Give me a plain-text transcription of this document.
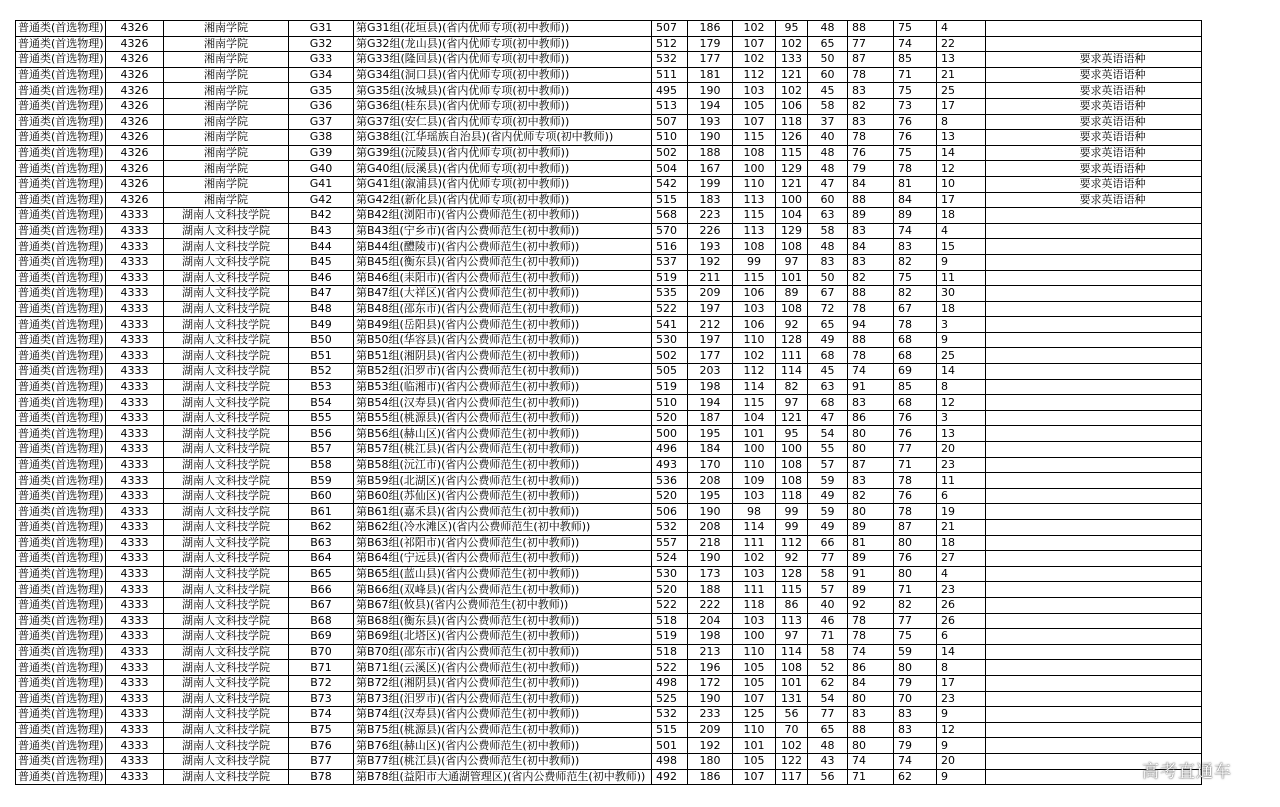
普通类(首选物理)	4326	湘南学院	G31	第G31组(花垣县)(省内优师专项(初中教师))	507	186	102	95	48	88	75	4	
普通类(首选物理)	4326	湘南学院	G32	第G32组(龙山县)(省内优师专项(初中教师))	512	179	107	102	65	77	74	22	
普通类(首选物理)	4326	湘南学院	G33	第G33组(隆回县)(省内优师专项(初中教师))	532	177	102	133	50	87	85	13	要求英语语种
普通类(首选物理)	4326	湘南学院	G34	第G34组(洞口县)(省内优师专项(初中教师))	511	181	112	121	60	78	71	21	要求英语语种
普通类(首选物理)	4326	湘南学院	G35	第G35组(汝城县)(省内优师专项(初中教师))	495	190	103	102	45	83	75	25	要求英语语种
普通类(首选物理)	4326	湘南学院	G36	第G36组(桂东县)(省内优师专项(初中教师))	513	194	105	106	58	82	73	17	要求英语语种
普通类(首选物理)	4326	湘南学院	G37	第G37组(安仁县)(省内优师专项(初中教师))	507	193	107	118	37	83	76	8	要求英语语种
普通类(首选物理)	4326	湘南学院	G38	第G38组(江华瑶族自治县)(省内优师专项(初中教师))	510	190	115	126	40	78	76	13	要求英语语种
普通类(首选物理)	4326	湘南学院	G39	第G39组(沅陵县)(省内优师专项(初中教师))	502	188	108	115	48	76	75	14	要求英语语种
普通类(首选物理)	4326	湘南学院	G40	第G40组(辰溪县)(省内优师专项(初中教师))	504	167	100	129	48	79	78	12	要求英语语种
普通类(首选物理)	4326	湘南学院	G41	第G41组(溆浦县)(省内优师专项(初中教师))	542	199	110	121	47	84	81	10	要求英语语种
普通类(首选物理)	4326	湘南学院	G42	第G42组(新化县)(省内优师专项(初中教师))	515	183	113	100	60	88	84	17	要求英语语种
普通类(首选物理)	4333	湖南人文科技学院	B42	第B42组(浏阳市)(省内公费师范生(初中教师))	568	223	115	104	63	89	89	18	
普通类(首选物理)	4333	湖南人文科技学院	B43	第B43组(宁乡市)(省内公费师范生(初中教师))	570	226	113	129	58	83	74	4	
普通类(首选物理)	4333	湖南人文科技学院	B44	第B44组(醴陵市)(省内公费师范生(初中教师))	516	193	108	108	48	84	83	15	
普通类(首选物理)	4333	湖南人文科技学院	B45	第B45组(衡东县)(省内公费师范生(初中教师))	537	192	99	97	83	83	82	9	
普通类(首选物理)	4333	湖南人文科技学院	B46	第B46组(耒阳市)(省内公费师范生(初中教师))	519	211	115	101	50	82	75	11	
普通类(首选物理)	4333	湖南人文科技学院	B47	第B47组(大祥区)(省内公费师范生(初中教师))	535	209	106	89	67	88	82	30	
普通类(首选物理)	4333	湖南人文科技学院	B48	第B48组(邵东市)(省内公费师范生(初中教师))	522	197	103	108	72	78	67	18	
普通类(首选物理)	4333	湖南人文科技学院	B49	第B49组(岳阳县)(省内公费师范生(初中教师))	541	212	106	92	65	94	78	3	
普通类(首选物理)	4333	湖南人文科技学院	B50	第B50组(华容县)(省内公费师范生(初中教师))	530	197	110	128	49	88	68	9	
普通类(首选物理)	4333	湖南人文科技学院	B51	第B51组(湘阴县)(省内公费师范生(初中教师))	502	177	102	111	68	78	68	25	
普通类(首选物理)	4333	湖南人文科技学院	B52	第B52组(汨罗市)(省内公费师范生(初中教师))	505	203	112	114	45	74	69	14	
普通类(首选物理)	4333	湖南人文科技学院	B53	第B53组(临湘市)(省内公费师范生(初中教师))	519	198	114	82	63	91	85	8	
普通类(首选物理)	4333	湖南人文科技学院	B54	第B54组(汉寿县)(省内公费师范生(初中教师))	510	194	115	97	68	83	68	12	
普通类(首选物理)	4333	湖南人文科技学院	B55	第B55组(桃源县)(省内公费师范生(初中教师))	520	187	104	121	47	86	76	3	
普通类(首选物理)	4333	湖南人文科技学院	B56	第B56组(赫山区)(省内公费师范生(初中教师))	500	195	101	95	54	80	76	13	
普通类(首选物理)	4333	湖南人文科技学院	B57	第B57组(桃江县)(省内公费师范生(初中教师))	496	184	100	100	55	80	77	20	
普通类(首选物理)	4333	湖南人文科技学院	B58	第B58组(沅江市)(省内公费师范生(初中教师))	493	170	110	108	57	87	71	23	
普通类(首选物理)	4333	湖南人文科技学院	B59	第B59组(北湖区)(省内公费师范生(初中教师))	536	208	109	108	59	83	78	11	
普通类(首选物理)	4333	湖南人文科技学院	B60	第B60组(苏仙区)(省内公费师范生(初中教师))	520	195	103	118	49	82	76	6	
普通类(首选物理)	4333	湖南人文科技学院	B61	第B61组(嘉禾县)(省内公费师范生(初中教师))	506	190	98	99	59	80	78	19	
普通类(首选物理)	4333	湖南人文科技学院	B62	第B62组(冷水滩区)(省内公费师范生(初中教师))	532	208	114	99	49	89	87	21	
普通类(首选物理)	4333	湖南人文科技学院	B63	第B63组(祁阳市)(省内公费师范生(初中教师))	557	218	111	112	66	81	80	18	
普通类(首选物理)	4333	湖南人文科技学院	B64	第B64组(宁远县)(省内公费师范生(初中教师))	524	190	102	92	77	89	76	27	
普通类(首选物理)	4333	湖南人文科技学院	B65	第B65组(蓝山县)(省内公费师范生(初中教师))	530	173	103	128	58	91	80	4	
普通类(首选物理)	4333	湖南人文科技学院	B66	第B66组(双峰县)(省内公费师范生(初中教师))	520	188	111	115	57	89	71	23	
普通类(首选物理)	4333	湖南人文科技学院	B67	第B67组(攸县)(省内公费师范生(初中教师))	522	222	118	86	40	92	82	26	
普通类(首选物理)	4333	湖南人文科技学院	B68	第B68组(衡东县)(省内公费师范生(初中教师))	518	204	103	113	46	78	77	26	
普通类(首选物理)	4333	湖南人文科技学院	B69	第B69组(北塔区)(省内公费师范生(初中教师))	519	198	100	97	71	78	75	6	
普通类(首选物理)	4333	湖南人文科技学院	B70	第B70组(邵东市)(省内公费师范生(初中教师))	518	213	110	114	58	74	59	14	
普通类(首选物理)	4333	湖南人文科技学院	B71	第B71组(云溪区)(省内公费师范生(初中教师))	522	196	105	108	52	86	80	8	
普通类(首选物理)	4333	湖南人文科技学院	B72	第B72组(湘阴县)(省内公费师范生(初中教师))	498	172	105	101	62	84	79	17	
普通类(首选物理)	4333	湖南人文科技学院	B73	第B73组(汨罗市)(省内公费师范生(初中教师))	525	190	107	131	54	80	70	23	
普通类(首选物理)	4333	湖南人文科技学院	B74	第B74组(汉寿县)(省内公费师范生(初中教师))	532	233	125	56	77	83	83	9	
普通类(首选物理)	4333	湖南人文科技学院	B75	第B75组(桃源县)(省内公费师范生(初中教师))	515	209	110	70	65	88	83	12	
普通类(首选物理)	4333	湖南人文科技学院	B76	第B76组(赫山区)(省内公费师范生(初中教师))	501	192	101	102	48	80	79	9	
普通类(首选物理)	4333	湖南人文科技学院	B77	第B77组(桃江县)(省内公费师范生(初中教师))	498	180	105	122	43	74	74	20	
普通类(首选物理)	4333	湖南人文科技学院	B78	第B78组(益阳市大通湖管理区)(省内公费师范生(初中教师))	492	186	107	117	56	71	62	9		高考直通车
